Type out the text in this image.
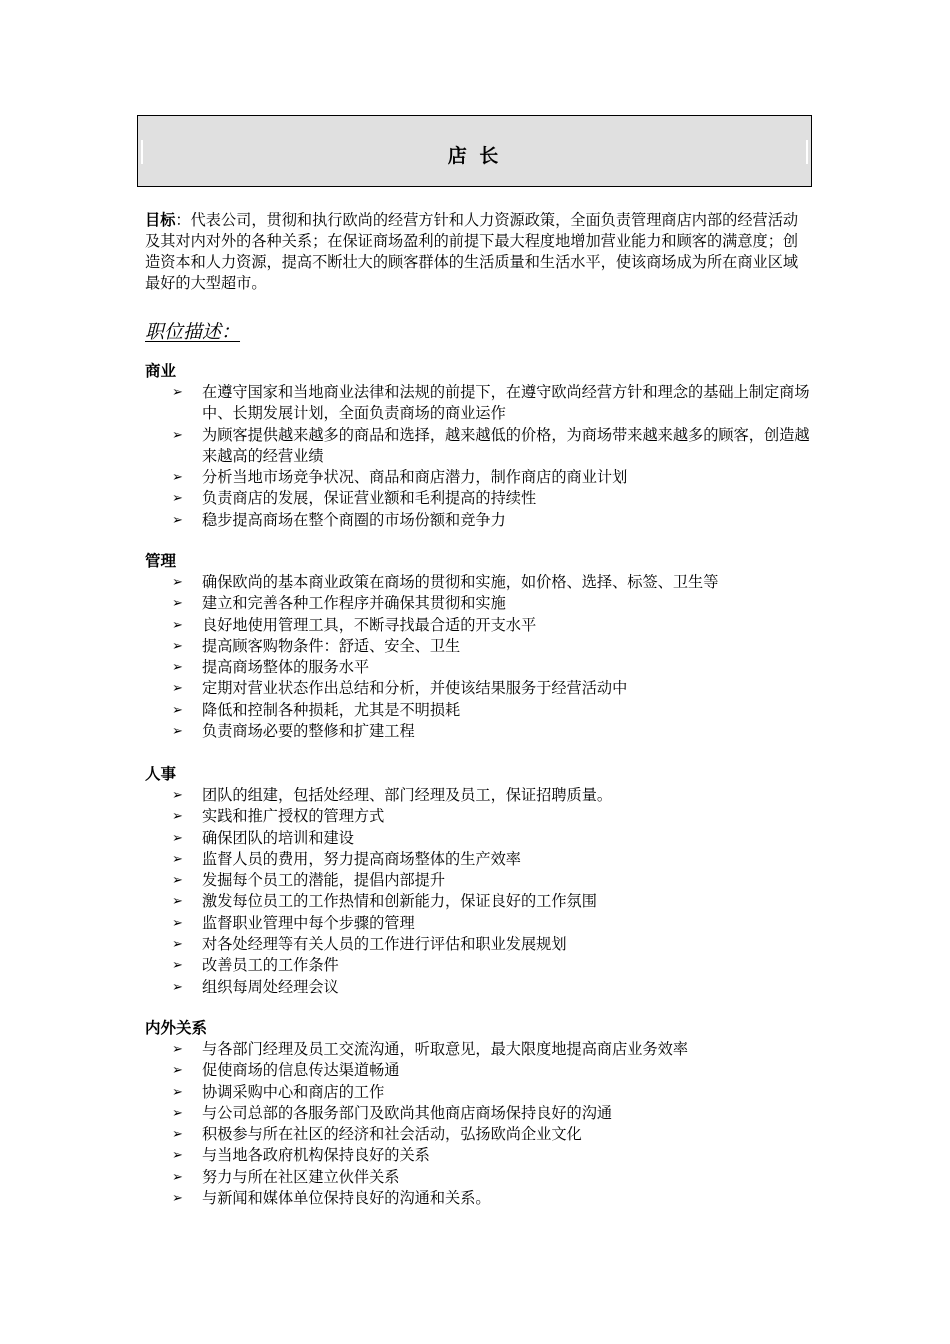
店 长
目标：代表公司，贯彻和执行欧尚的经营方针和人力资源政策，全面负责管理商店内部的经营活动及其对内对外的各种关系；在保证商场盈利的前提下最大程度地增加营业能力和顾客的满意度；创造资本和人力资源，提高不断壮大的顾客群体的生活质量和生活水平，使该商场成为所在商业区域最好的大型超市。
职位描述：
商业
➢ 在遵守国家和当地商业法律和法规的前提下，在遵守欧尚经营方针和理念的基础上制定商场中、长期发展计划，全面负责商场的商业运作
➢ 为顾客提供越来越多的商品和选择，越来越低的价格，为商场带来越来越多的顾客，创造越来越高的经营业绩
➢ 分析当地市场竞争状况、商品和商店潜力，制作商店的商业计划
➢ 负责商店的发展，保证营业额和毛利提高的持续性
➢ 稳步提高商场在整个商圈的市场份额和竞争力
管理
➢ 确保欧尚的基本商业政策在商场的贯彻和实施，如价格、选择、标签、卫生等
➢ 建立和完善各种工作程序并确保其贯彻和实施
➢ 良好地使用管理工具，不断寻找最合适的开支水平
➢ 提高顾客购物条件：舒适、安全、卫生
➢ 提高商场整体的服务水平
➢ 定期对营业状态作出总结和分析，并使该结果服务于经营活动中
➢ 降低和控制各种损耗，尤其是不明损耗
➢ 负责商场必要的整修和扩建工程
人事
➢ 团队的组建，包括处经理、部门经理及员工，保证招聘质量。
➢ 实践和推广授权的管理方式
➢ 确保团队的培训和建设
➢ 监督人员的费用，努力提高商场整体的生产效率
➢ 发掘每个员工的潜能，提倡内部提升
➢ 激发每位员工的工作热情和创新能力，保证良好的工作氛围
➢ 监督职业管理中每个步骤的管理
➢ 对各处经理等有关人员的工作进行评估和职业发展规划
➢ 改善员工的工作条件
➢ 组织每周处经理会议
内外关系
➢ 与各部门经理及员工交流沟通，听取意见，最大限度地提高商店业务效率
➢ 促使商场的信息传达渠道畅通
➢ 协调采购中心和商店的工作
➢ 与公司总部的各服务部门及欧尚其他商店商场保持良好的沟通
➢ 积极参与所在社区的经济和社会活动，弘扬欧尚企业文化
➢ 与当地各政府机构保持良好的关系
➢ 努力与所在社区建立伙伴关系
➢ 与新闻和媒体单位保持良好的沟通和关系。
